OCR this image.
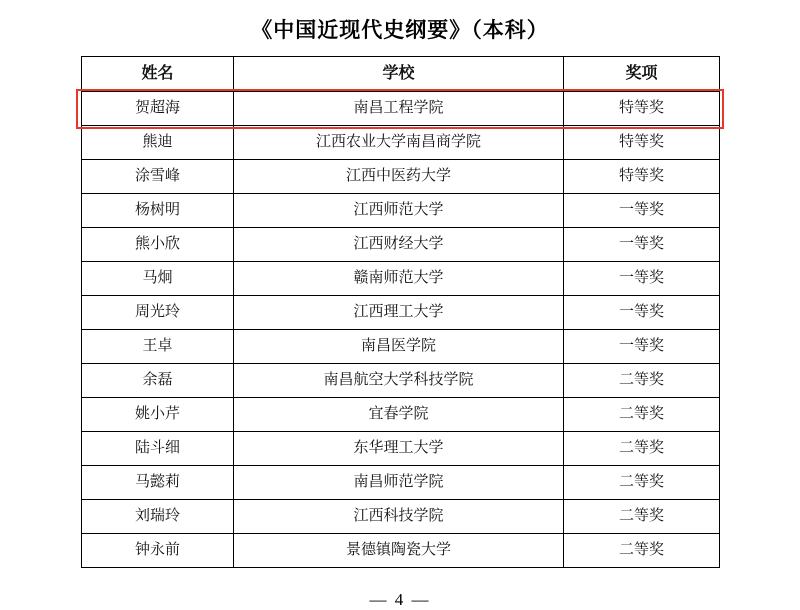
《中国近现代史纲要》（本科）
姓名	学校	奖项
贺超海	南昌工程学院	特等奖
熊迪	江西农业大学南昌商学院	特等奖
涂雪峰	江西中医药大学	特等奖
杨树明	江西师范大学	一等奖
熊小欣	江西财经大学	一等奖
马炯	赣南师范大学	一等奖
周光玲	江西理工大学	一等奖
王卓	南昌医学院	一等奖
余磊	南昌航空大学科技学院	二等奖
姚小芹	宜春学院	二等奖
陆斗细	东华理工大学	二等奖
马懿莉	南昌师范学院	二等奖
刘瑞玲	江西科技学院	二等奖
钟永前	景德镇陶瓷大学	二等奖
— 4 —
